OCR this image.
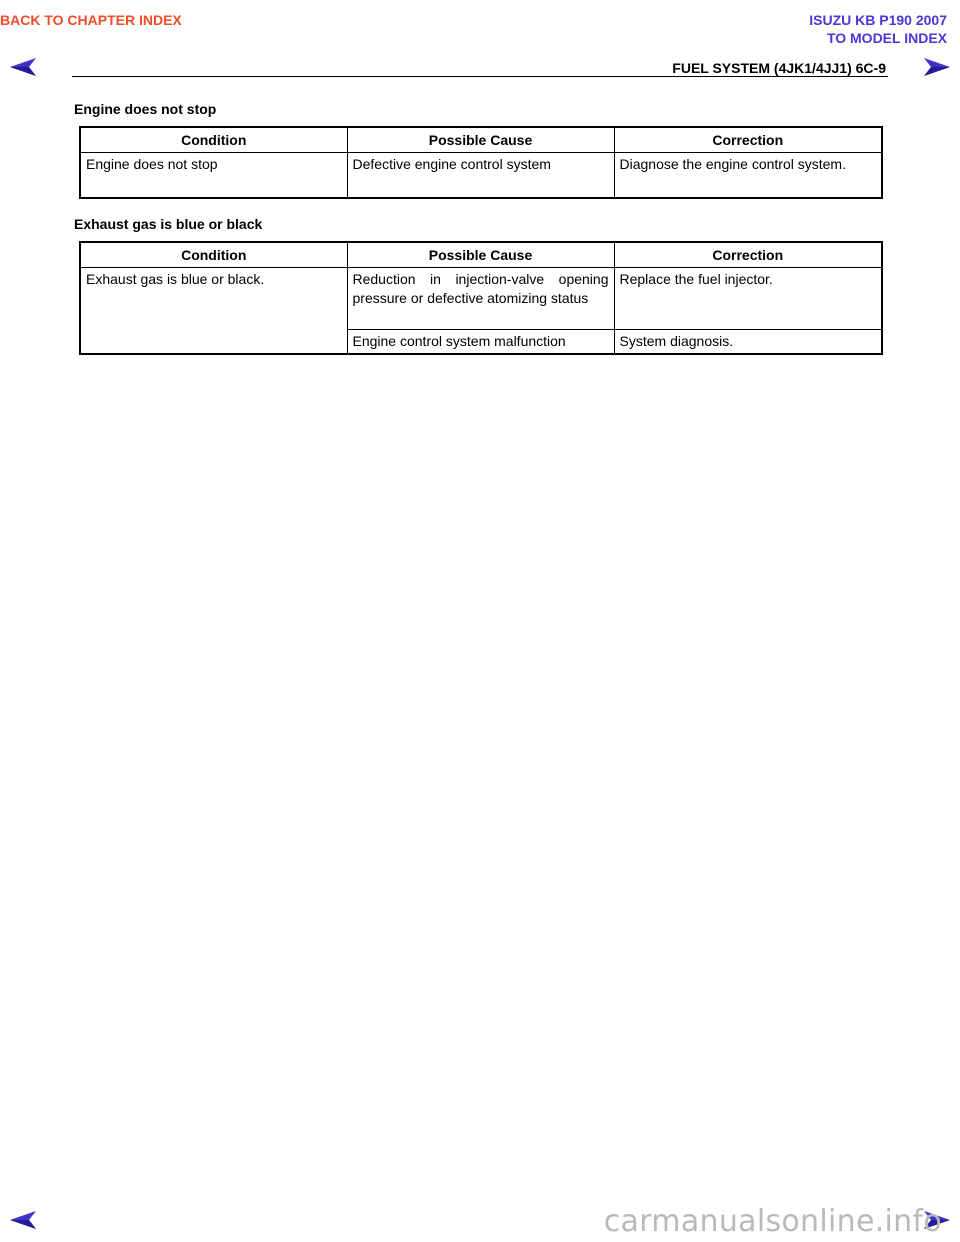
BACK TO CHAPTER INDEX	ISUZU KB P190 2007
TO MODEL INDEX
FUEL SYSTEM (4JK1/4JJ1) 6C-9
Engine does not stop
Condition	Possible Cause	Correction
Engine does not stop	Defective engine control system	Diagnose the engine control system.
Exhaust gas is blue or black
Condition	Possible Cause	Correction
Exhaust gas is blue or black.	Reduction in injection-valve opening pressure or defective atomizing status	Replace the fuel injector.
	Engine control system malfunction	System diagnosis.
carmanualsonline.info
